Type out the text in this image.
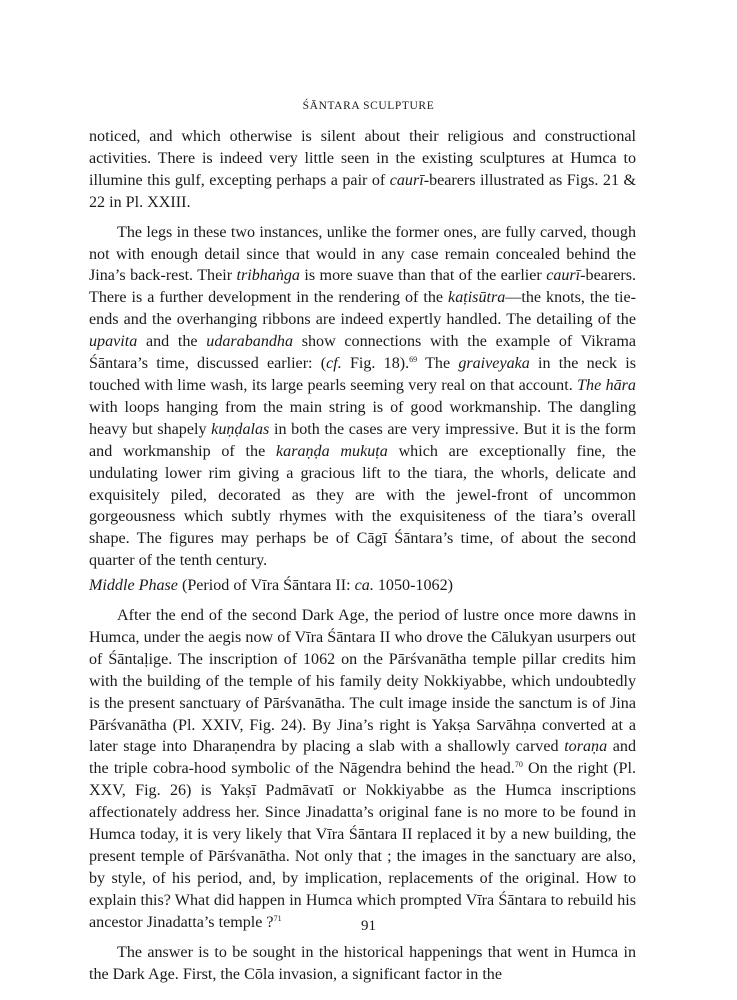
ŚĀNTARA SCULPTURE

noticed, and which otherwise is silent about their religious and constructional activities. There is indeed very little seen in the existing sculptures at Humca to illumine this gulf, excepting perhaps a pair of caurī-bearers illustrated as Figs. 21 & 22 in Pl. XXIII.

The legs in these two instances, unlike the former ones, are fully carved, though not with enough detail since that would in any case remain concealed behind the Jina’s back-rest. Their tribhaṅga is more suave than that of the earlier caurī-bearers. There is a further development in the rendering of the kaṭisūtra—the knots, the tie-ends and the overhanging ribbons are indeed expertly handled. The detailing of the upavita and the udarabandha show connections with the example of Vikrama Śāntara’s time, discussed earlier: (cf. Fig. 18).$^{69}$ The graiveyaka in the neck is touched with lime wash, its large pearls seeming very real on that account. The hāra with loops hanging from the main string is of good workmanship. The dangling heavy but shapely kuṇḍalas in both the cases are very impressive. But it is the form and workmanship of the karaṇḍa mukuṭa which are exceptionally fine, the undulating lower rim giving a gracious lift to the tiara, the whorls, delicate and exquisitely piled, decorated as they are with the jewel-front of uncommon gorgeousness which subtly rhymes with the exquisiteness of the tiara’s overall shape. The figures may perhaps be of Cāgī Śāntara’s time, of about the second quarter of the tenth century.

Middle Phase (Period of Vīra Śāntara II: ca. 1050-1062)

After the end of the second Dark Age, the period of lustre once more dawns in Humca, under the aegis now of Vīra Śāntara II who drove the Cālukyan usurpers out of Śāntaḷige. The inscription of 1062 on the Pārśvanātha temple pillar credits him with the building of the temple of his family deity Nokkiyabbe, which undoubtedly is the present sanctuary of Pārśvanātha. The cult image inside the sanctum is of Jina Pārśvanātha (Pl. XXIV, Fig. 24). By Jina’s right is Yakṣa Sarvāhṇa converted at a later stage into Dharaṇendra by placing a slab with a shallowly carved toraṇa and the triple cobra-hood symbolic of the Nāgendra behind the head.$^{70}$ On the right (Pl. XXV, Fig. 26) is Yakṣī Padmāvatī or Nokkiyabbe as the Humca inscriptions affectionately address her. Since Jinadatta’s original fane is no more to be found in Humca today, it is very likely that Vīra Śāntara II replaced it by a new building, the present temple of Pārśvanātha. Not only that ; the images in the sanctuary are also, by style, of his period, and, by implication, replacements of the original. How to explain this? What did happen in Humca which prompted Vīra Śāntara to rebuild his ancestor Jinadatta’s temple ?$^{71}$

The answer is to be sought in the historical happenings that went in Humca in the Dark Age. First, the Cōla invasion, a significant factor in the

91
